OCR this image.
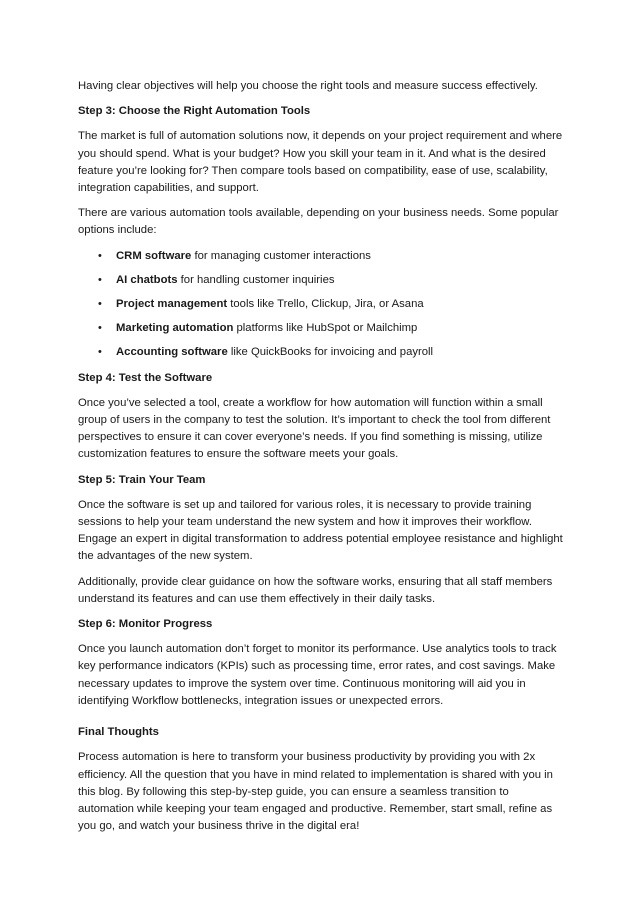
Having clear objectives will help you choose the right tools and measure success effectively.

Step 3: Choose the Right Automation Tools

The market is full of automation solutions now, it depends on your project requirement and where you should spend. What is your budget? How you skill your team in it. And what is the desired feature you’re looking for? Then compare tools based on compatibility, ease of use, scalability, integration capabilities, and support.

There are various automation tools available, depending on your business needs. Some popular options include:

• CRM software for managing customer interactions
• AI chatbots for handling customer inquiries
• Project management tools like Trello, Clickup, Jira, or Asana
• Marketing automation platforms like HubSpot or Mailchimp
• Accounting software like QuickBooks for invoicing and payroll
Step 4: Test the Software

Once you’ve selected a tool, create a workflow for how automation will function within a small group of users in the company to test the solution. It’s important to check the tool from different perspectives to ensure it can cover everyone’s needs. If you find something is missing, utilize customization features to ensure the software meets your goals.

Step 5: Train Your Team

Once the software is set up and tailored for various roles, it is necessary to provide training sessions to help your team understand the new system and how it improves their workflow. Engage an expert in digital transformation to address potential employee resistance and highlight the advantages of the new system.

Additionally, provide clear guidance on how the software works, ensuring that all staff members understand its features and can use them effectively in their daily tasks.

Step 6: Monitor Progress

Once you launch automation don’t forget to monitor its performance. Use analytics tools to track key performance indicators (KPIs) such as processing time, error rates, and cost savings. Make necessary updates to improve the system over time. Continuous monitoring will aid you in identifying Workflow bottlenecks, integration issues or unexpected errors.

Final Thoughts

Process automation is here to transform your business productivity by providing you with 2x efficiency. All the question that you have in mind related to implementation is shared with you in this blog. By following this step-by-step guide, you can ensure a seamless transition to automation while keeping your team engaged and productive. Remember, start small, refine as you go, and watch your business thrive in the digital era!
